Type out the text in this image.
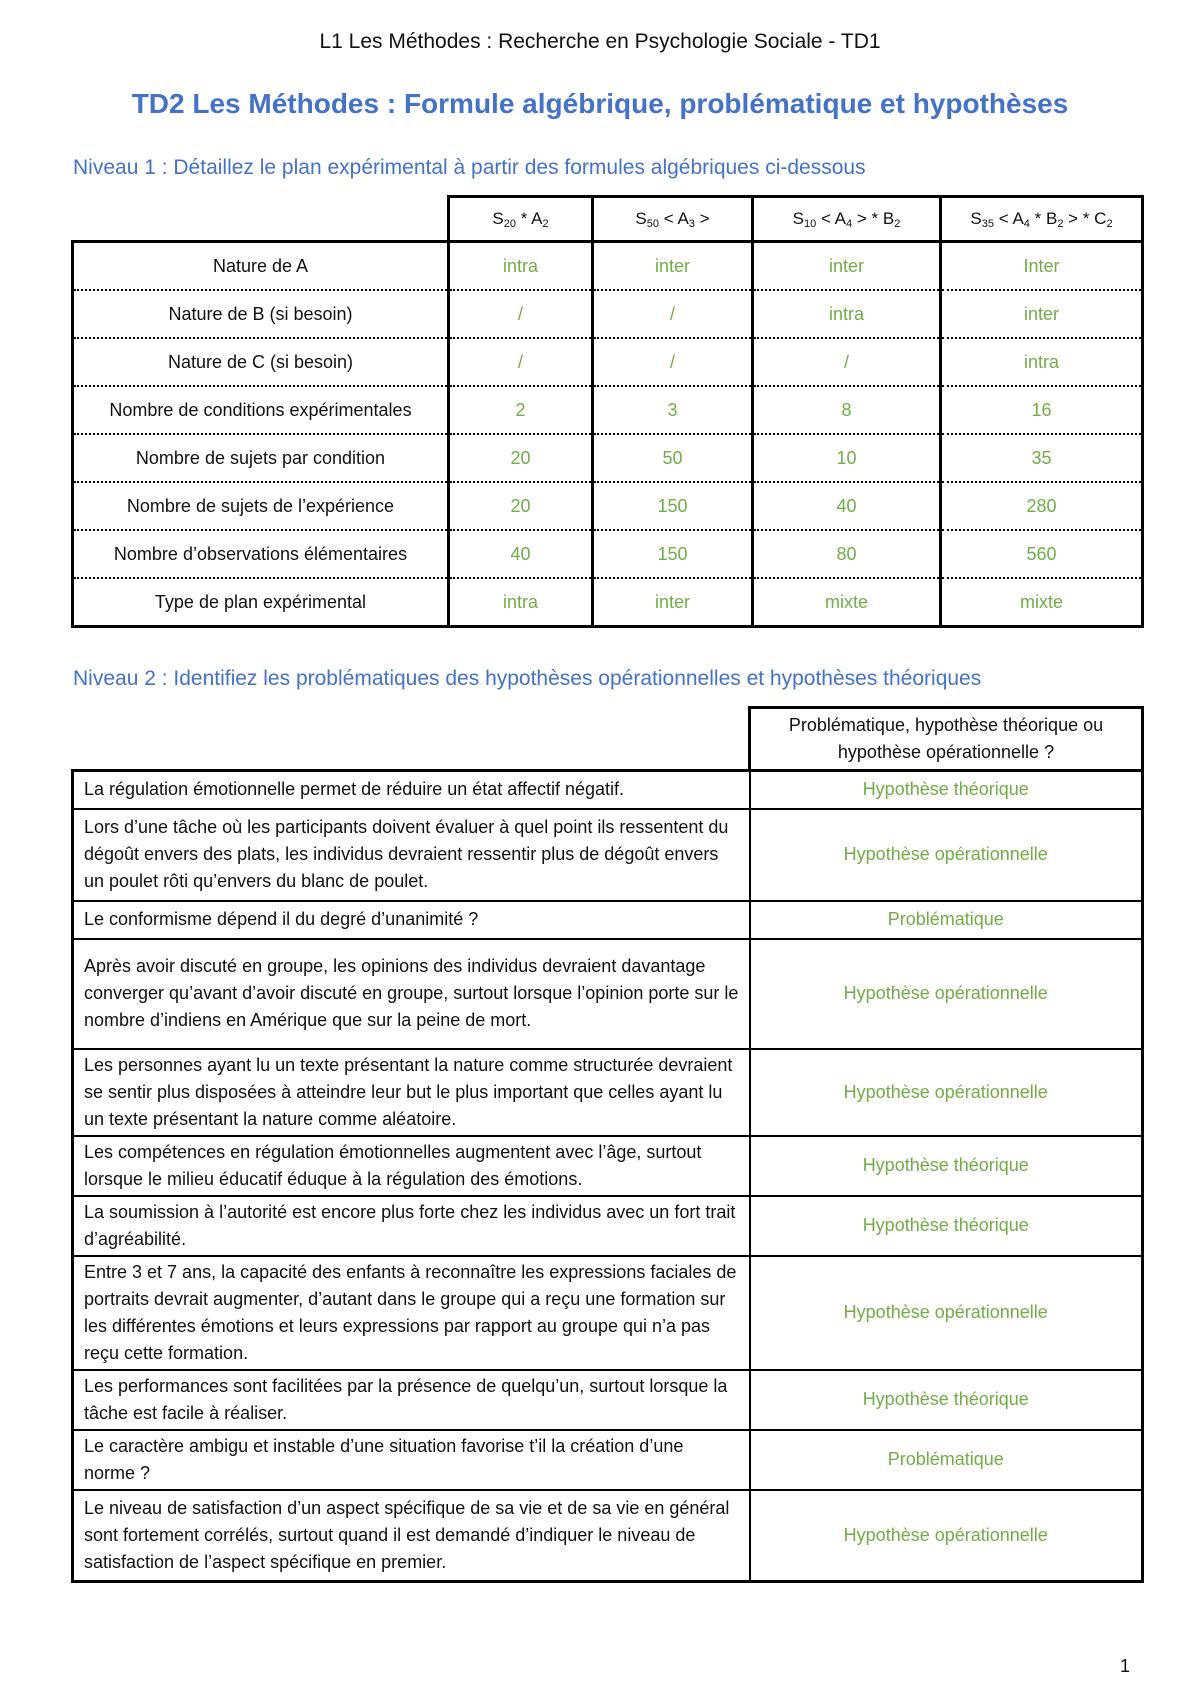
L1 Les Méthodes : Recherche en Psychologie Sociale - TD1
TD2 Les Méthodes : Formule algébrique, problématique et hypothèses
Niveau 1 : Détaillez le plan expérimental à partir des formules algébriques ci-dessous
	$S_{20} * A_2$	$S_{50} < A_3$ >	$S_{10} < A_4$ > * $B_2$	$S_{35} < A_4 * B_2$ > * $C_2$
Nature de A	intra	inter	inter	Inter
Nature de B (si besoin)	/	/	intra	inter
Nature de C (si besoin)	/	/	/	intra
Nombre de conditions expérimentales	2	3	8	16
Nombre de sujets par condition	20	50	10	35
Nombre de sujets de l’expérience	20	150	40	280
Nombre d’observations élémentaires	40	150	80	560
Type de plan expérimental	intra	inter	mixte	mixte
Niveau 2 : Identifiez les problématiques des hypothèses opérationnelles et hypothèses théoriques
	Problématique, hypothèse théorique ou hypothèse opérationnelle ?
La régulation émotionnelle permet de réduire un état affectif négatif.	Hypothèse théorique
Lors d’une tâche où les participants doivent évaluer à quel point ils ressentent du dégoût envers des plats, les individus devraient ressentir plus de dégoût envers un poulet rôti qu’envers du blanc de poulet.	Hypothèse opérationnelle
Le conformisme dépend il du degré d’unanimité ?	Problématique
Après avoir discuté en groupe, les opinions des individus devraient davantage converger qu’avant d’avoir discuté en groupe, surtout lorsque l’opinion porte sur le nombre d’indiens en Amérique que sur la peine de mort.	Hypothèse opérationnelle
Les personnes ayant lu un texte présentant la nature comme structurée devraient se sentir plus disposées à atteindre leur but le plus important que celles ayant lu un texte présentant la nature comme aléatoire.	Hypothèse opérationnelle
Les compétences en régulation émotionnelles augmentent avec l’âge, surtout lorsque le milieu éducatif éduque à la régulation des émotions.	Hypothèse théorique
La soumission à l’autorité est encore plus forte chez les individus avec un fort trait d’agréabilité.	Hypothèse théorique
Entre 3 et 7 ans, la capacité des enfants à reconnaître les expressions faciales de portraits devrait augmenter, d’autant dans le groupe qui a reçu une formation sur les différentes émotions et leurs expressions par rapport au groupe qui n’a pas reçu cette formation.	Hypothèse opérationnelle
Les performances sont facilitées par la présence de quelqu’un, surtout lorsque la tâche est facile à réaliser.	Hypothèse théorique
Le caractère ambigu et instable d’une situation favorise t’il la création d’une norme ?	Problématique
Le niveau de satisfaction d’un aspect spécifique de sa vie et de sa vie en général sont fortement corrélés, surtout quand il est demandé d’indiquer le niveau de satisfaction de l’aspect spécifique en premier.	Hypothèse opérationnelle
1
